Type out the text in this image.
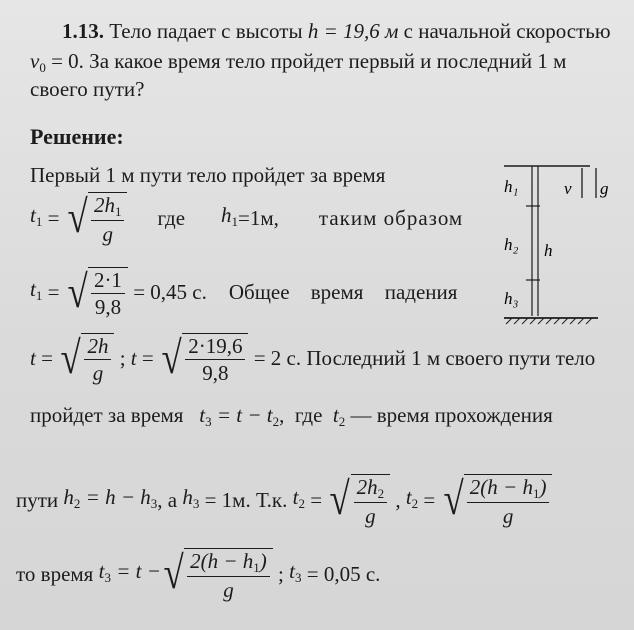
1.13. Тело падает с высоты h = 19,6 м с начальной скоростью
$v_0 = 0$. За какое время тело пройдет первый и последний 1 м
своего пути?
Решение:
Первый 1 м пути тело пройдет за время
$t_1$ = √ $\frac{2h_1}{g}$ где $h_1 =1м$, таким образом
$t_1$ = √ $\frac{2\cdot 1}{9,8}$
= 0,45 с. Общее время падения
t = √ $\frac{2h}{g}$ ; t = √ $\frac{2\cdot 19,6}{9,8}$
= 2 с. Последний 1 м своего пути тело
пройдет за время $t_3 = t - t_2$,  где $t_2$ — время прохождения
пути
$h_2 = h - h_3$ , а
$h_3$
= 1м. Т.к.
$t_2$ = √ $\frac{2h_2}{g}$ , $t_2$ = √ $\frac{2(h - h_1)}{g}$
то время
$t_3 = t$ − √ $\frac{2(h - h_1)}{g}$ ; $t_3$
= 0,05 с.
h₁
h₂
h₃
h
v g
